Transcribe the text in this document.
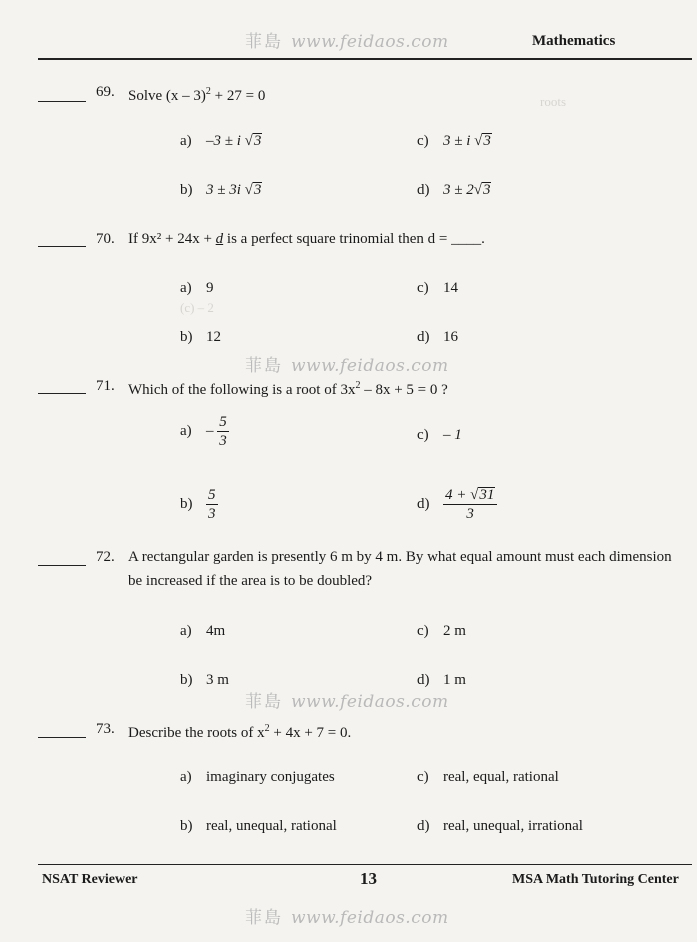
roots
(c) – 2
菲島 www.feidaos.com	Mathematics
69. Solve (x – 3)$^2$ + 27 = 0
a) –3 ± i √3	c) 3 ± i √3
b) 3 ± 3i √3	d) 3 ± 2√3
70. If 9x² + 24x + d is a perfect square trinomial then d = ____.
a) 9	c) 14
b) 12	d) 16
菲島 www.feidaos.com
71. Which of the following is a root of $3x^2 - 8x + 5 = 0$ ?
$a) - \frac{5}{3}$	c) – 1
$b) \frac{5}{3}$	$d) \frac{4 + √31}{3}$
72. A rectangular garden is presently 6 m by 4 m. By what equal amount must each dimension
be increased if the area is to be doubled?
a) 4m	c) 2 m
b) 3 m	d) 1 m
菲島 www.feidaos.com
73. Describe the roots of $x^2 + 4x + 7 = 0$.
a) imaginary conjugates	c) real, equal, rational
b) real, unequal, rational	d) real, unequal, irrational
NSAT Reviewer	13	MSA Math Tutoring Center
菲島 www.feidaos.com
